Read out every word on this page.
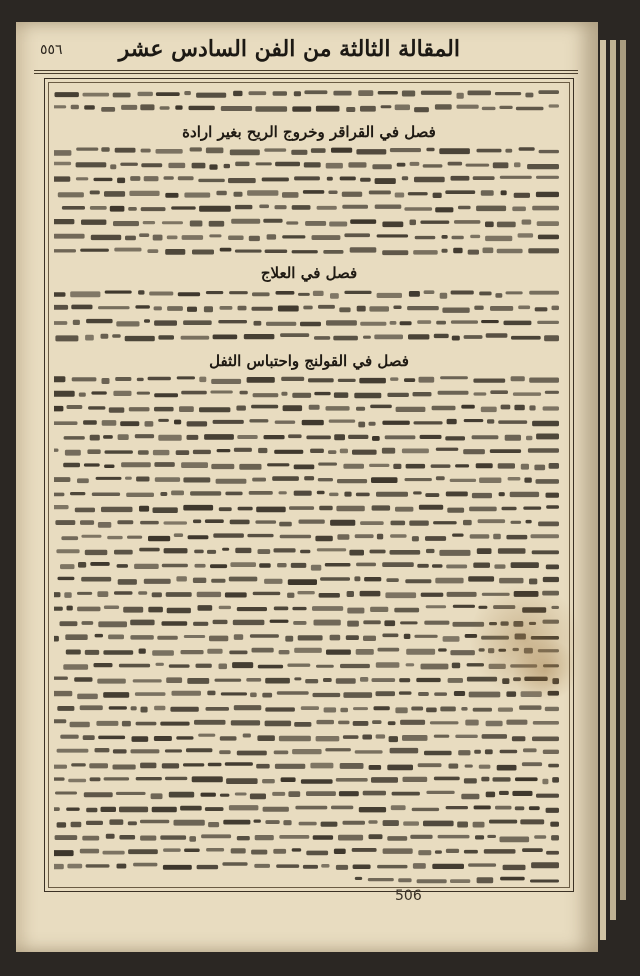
المقالة الثالثة من الفن السادس عشر
٥٥٦
فصل في القراقر وخروج الريح بغير ارادة
فصل في العلاج
فصل في القولنج واحتباس الثفل
506
